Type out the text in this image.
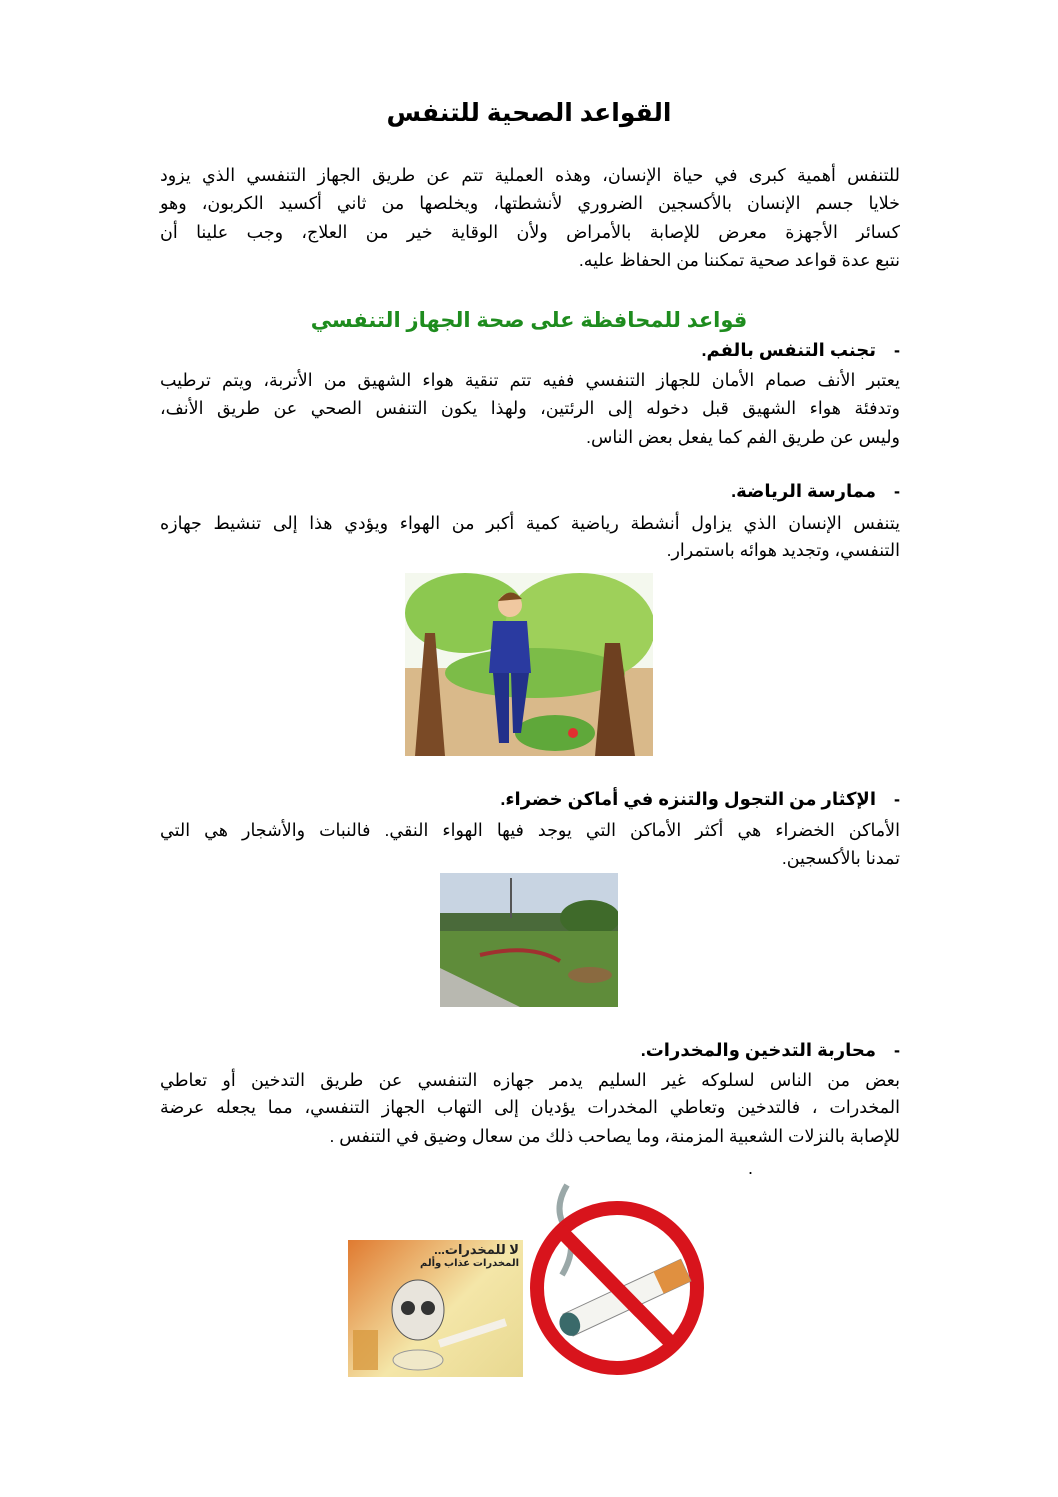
القواعد الصحية للتنفس
للتنفس أهمية كبرى في حياة الإنسان، وهذه العملية تتم عن طريق الجهاز التنفسي الذي يزود
خلايا جسم الإنسان بالأكسجين الضروري لأنشطتها، ويخلصها من ثاني أكسيد الكربون، وهو
كسائر الأجهزة معرض للإصابة بالأمراض ولأن الوقاية خير من العلاج، وجب علينا أن
نتبع عدة قواعد صحية تمكننا من الحفاظ عليه.
قواعد للمحافظة على صحة الجهاز التنفسي
-تجنب التنفس بالفم.
يعتبر الأنف صمام الأمان للجهاز التنفسي ففيه تتم تنقية هواء الشهيق من الأتربة، ويتم ترطيب
وتدفئة هواء الشهيق قبل دخوله إلى الرئتين، ولهذا يكون التنفس الصحي عن طريق الأنف،
وليس عن طريق الفم كما يفعل بعض الناس.
-ممارسة الرياضة.
يتنفس الإنسان الذي يزاول أنشطة رياضية كمية أكبر من الهواء ويؤدي هذا إلى تنشيط جهازه
التنفسي، وتجديد هوائه باستمرار.
-الإكثار من التجول والتنزه في أماكن خضراء.
الأماكن الخضراء هي أكثر الأماكن التي يوجد فيها الهواء النقي. فالنبات والأشجار هي التي
تمدنا بالأكسجين.
-محاربة التدخين والمخدرات.
بعض من الناس لسلوكه غير السليم يدمر جهازه التنفسي عن طريق التدخين أو تعاطي
المخدرات ، فالتدخين وتعاطي المخدرات يؤديان إلى التهاب الجهاز التنفسي، مما يجعله عرضة
للإصابة بالنزلات الشعبية المزمنة، وما يصاحب ذلك من سعال وضيق في التنفس .
.
لا للمخدرات...
المخدرات عذاب وألم
